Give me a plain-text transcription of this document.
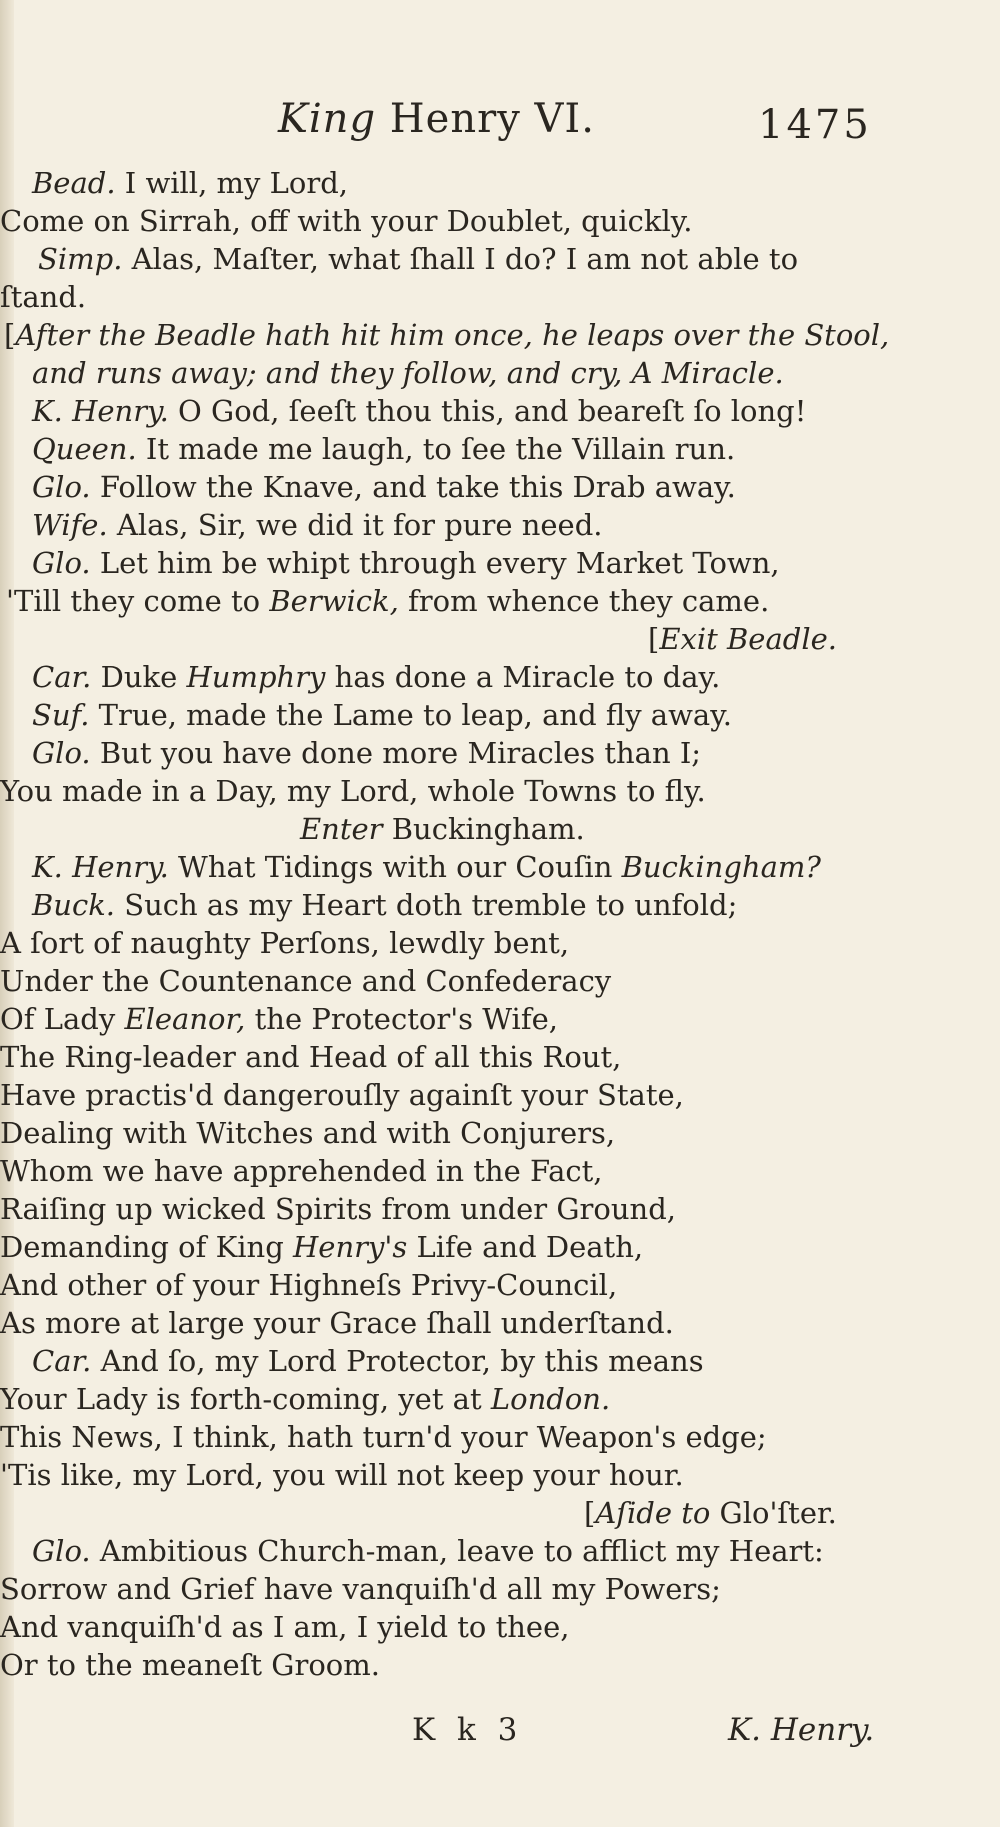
King Henry VI.	1475
Bead. I will, my Lord,
Come on Sirrah, off with your Doublet, quickly.
Simp. Alas, Maſter, what ſhall I do? I am not able to
ſtand.
[After the Beadle hath hit him once, he leaps over the Stool,
and runs away; and they follow, and cry, A Miracle.
K. Henry. O God, ſeeſt thou this, and beareſt ſo long!
Queen. It made me laugh, to ſee the Villain run.
Glo. Follow the Knave, and take this Drab away.
Wife. Alas, Sir, we did it for pure need.
Glo. Let him be whipt through every Market Town,
'Till they come to Berwick, from whence they came.
[Exit Beadle.
Car. Duke Humphry has done a Miracle to day.
Suf. True, made the Lame to leap, and fly away.
Glo. But you have done more Miracles than I;
You made in a Day, my Lord, whole Towns to fly.
Enter Buckingham.
K. Henry. What Tidings with our Couſin Buckingham?
Buck. Such as my Heart doth tremble to unfold;
A ſort of naughty Perſons, lewdly bent,
Under the Countenance and Confederacy
Of Lady Eleanor, the Protector's Wife,
The Ring-leader and Head of all this Rout,
Have practis'd dangerouſly againſt your State,
Dealing with Witches and with Conjurers,
Whom we have apprehended in the Fact,
Raiſing up wicked Spirits from under Ground,
Demanding of King Henry's Life and Death,
And other of your Highneſs Privy-Council,
As more at large your Grace ſhall underſtand.
Car. And ſo, my Lord Protector, by this means
Your Lady is forth-coming, yet at London.
This News, I think, hath turn'd your Weapon's edge;
'Tis like, my Lord, you will not keep your hour.
[Aſide to Glo'ſter.
Glo. Ambitious Church-man, leave to afflict my Heart:
Sorrow and Grief have vanquiſh'd all my Powers;
And vanquiſh'd as I am, I yield to thee,
Or to the meaneſt Groom.
K k 3	K. Henry.
